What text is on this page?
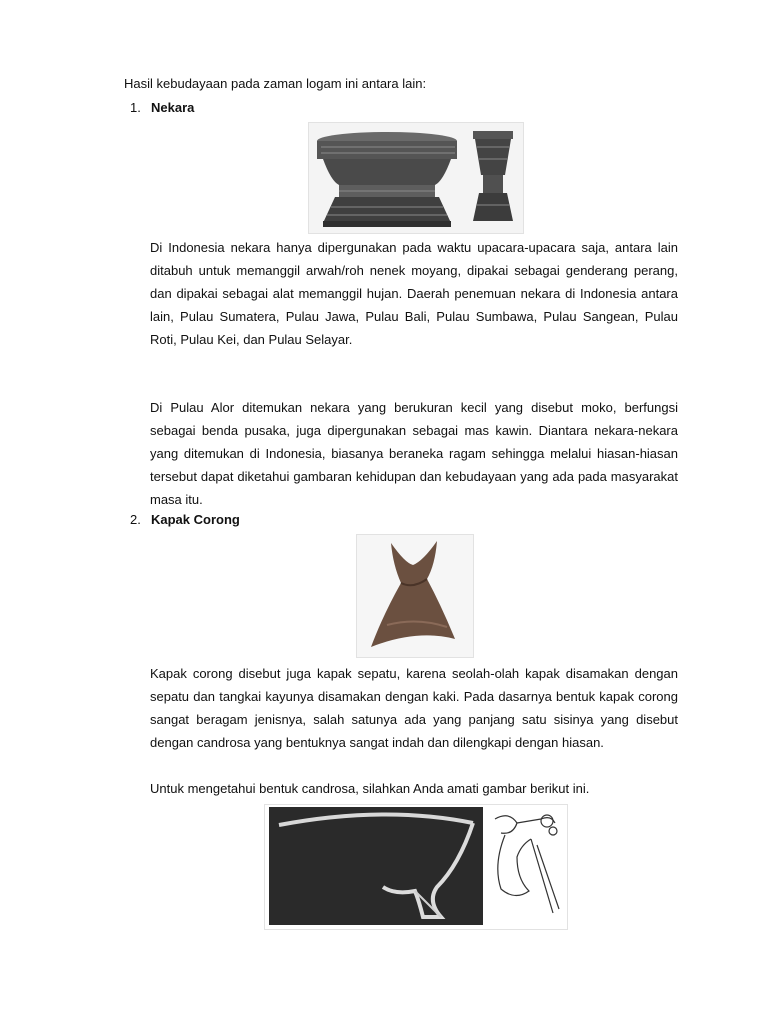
Hasil kebudayaan pada zaman logam ini antara lain:
1. Nekara
Di Indonesia nekara hanya dipergunakan pada waktu upacara-upacara saja, antara lain ditabuh untuk memanggil arwah/roh nenek moyang, dipakai sebagai genderang perang, dan dipakai sebagai alat memanggil hujan. Daerah penemuan nekara di Indonesia antara lain, Pulau Sumatera, Pulau Jawa, Pulau Bali, Pulau Sumbawa, Pulau Sangean, Pulau Roti, Pulau Kei, dan Pulau Selayar.
Di Pulau Alor ditemukan nekara yang berukuran kecil yang disebut moko, berfungsi sebagai benda pusaka, juga dipergunakan sebagai mas kawin. Diantara nekara-nekara yang ditemukan di Indonesia, biasanya beraneka ragam sehingga melalui hiasan-hiasan tersebut dapat diketahui gambaran kehidupan dan kebudayaan yang ada pada masyarakat masa itu.
2. Kapak Corong
Kapak corong disebut juga kapak sepatu, karena seolah-olah kapak disamakan dengan sepatu dan tangkai kayunya disamakan dengan kaki. Pada dasarnya bentuk kapak corong sangat beragam jenisnya, salah satunya ada yang panjang satu sisinya yang disebut dengan candrosa yang bentuknya sangat indah dan dilengkapi dengan hiasan.
Untuk mengetahui bentuk candrosa, silahkan Anda amati gambar berikut ini.
